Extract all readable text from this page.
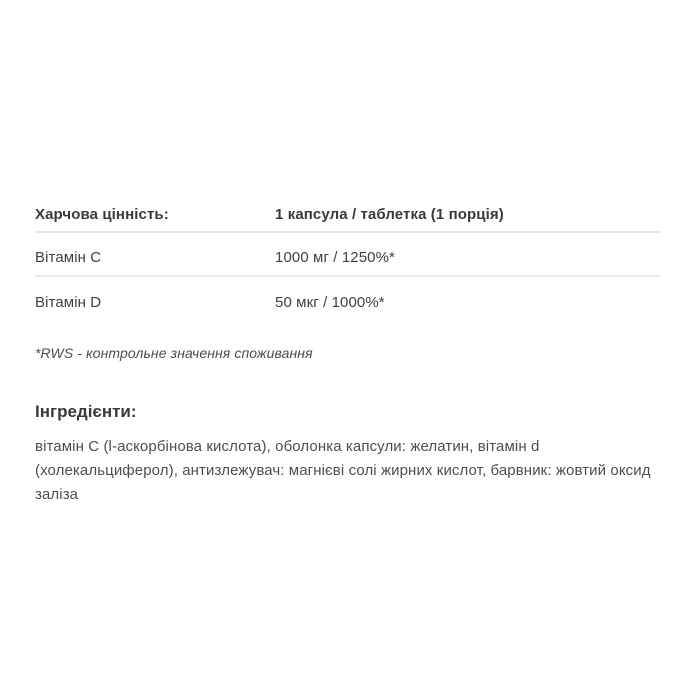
Харчова цінність:	1 капсула / таблетка (1 порція)
Вітамін C	1000 мг / 1250%*
Вітамін D	50 мкг / 1000%*
*RWS - контрольне значення споживання
Інгредієнти:
вітамін C (l-аскорбінова кислота), оболонка капсули: желатин, вітамін d
(холекальциферол), антизлежувач: магнієві солі жирних кислот, барвник: жовтий оксид
заліза
